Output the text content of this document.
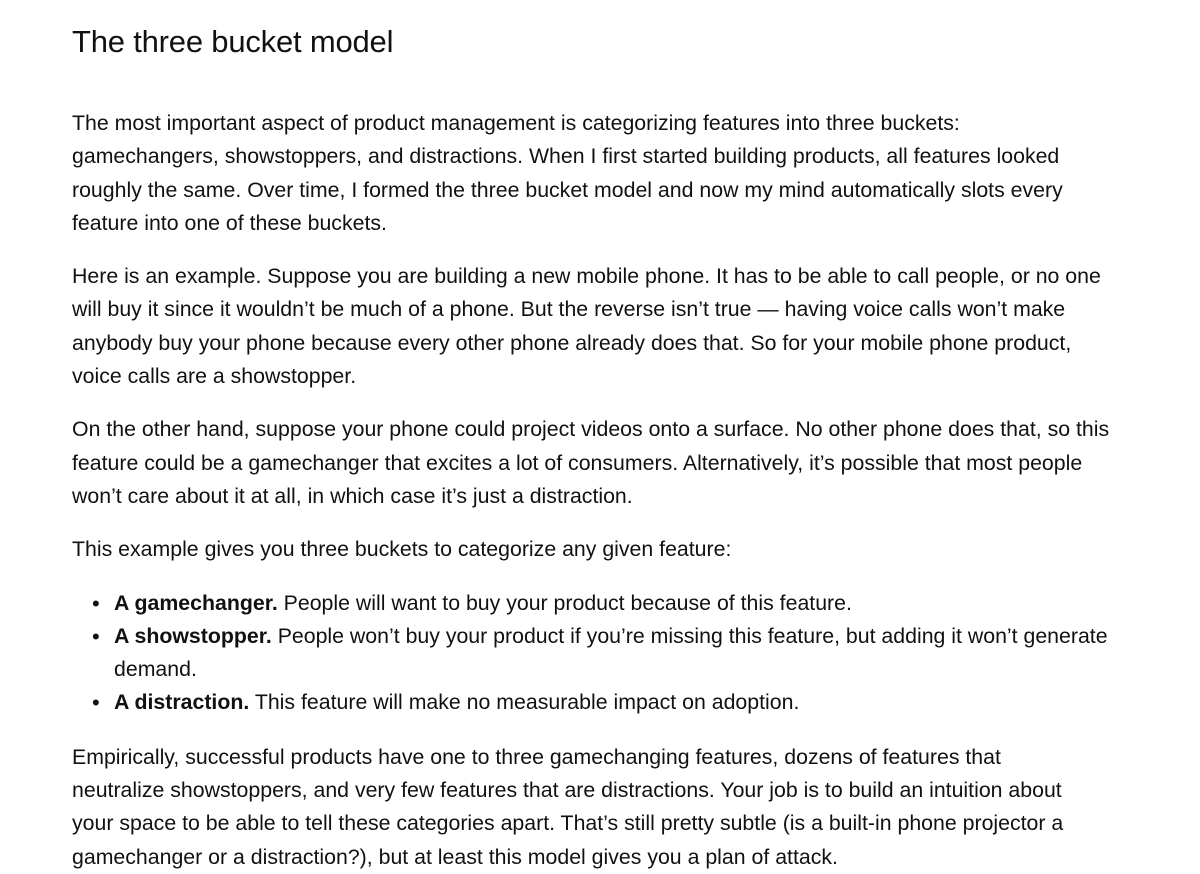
The three bucket model

The most important aspect of product management is categorizing features into three buckets: gamechangers, showstoppers, and distractions. When I first started building products, all features looked roughly the same. Over time, I formed the three bucket model and now my mind automatically slots every feature into one of these buckets.

Here is an example. Suppose you are building a new mobile phone. It has to be able to call people, or no one will buy it since it wouldn’t be much of a phone. But the reverse isn’t true — having voice calls won’t make anybody buy your phone because every other phone already does that. So for your mobile phone product, voice calls are a showstopper.

On the other hand, suppose your phone could project videos onto a surface. No other phone does that, so this feature could be a gamechanger that excites a lot of consumers. Alternatively, it’s possible that most people won’t care about it at all, in which case it’s just a distraction.

This example gives you three buckets to categorize any given feature:

• A gamechanger. People will want to buy your product because of this feature.
• A showstopper. People won’t buy your product if you’re missing this feature, but adding it won’t generate demand.
• A distraction. This feature will make no measurable impact on adoption.

Empirically, successful products have one to three gamechanging features, dozens of features that neutralize showstoppers, and very few features that are distractions. Your job is to build an intuition about your space to be able to tell these categories apart. That’s still pretty subtle (is a built-in phone projector a gamechanger or a distraction?), but at least this model gives you a plan of attack.
